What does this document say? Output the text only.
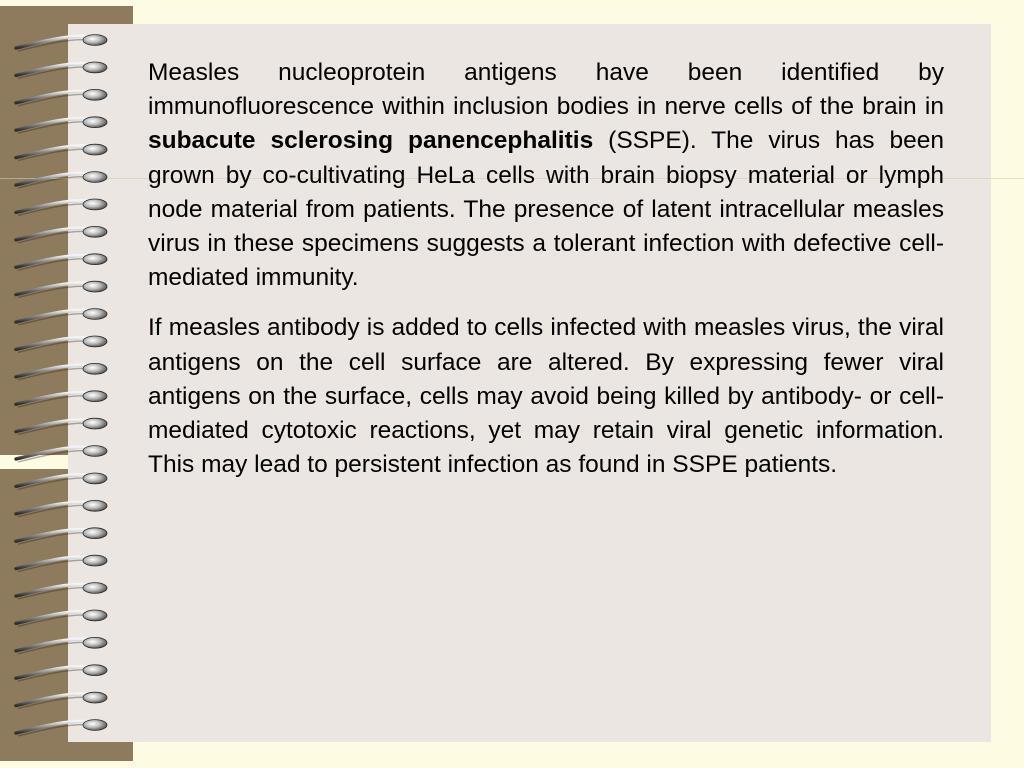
Measles nucleoprotein antigens have been identified by immunofluorescence within inclusion bodies in nerve cells of the brain in subacute sclerosing panencephalitis (SSPE). The virus has been grown by co-cultivating HeLa cells with brain biopsy material or lymph node material from patients. The presence of latent intracellular measles virus in these specimens suggests a tolerant infection with defective cell-mediated immunity.

If measles antibody is added to cells infected with measles virus, the viral antigens on the cell surface are altered. By expressing fewer viral antigens on the surface, cells may avoid being killed by antibody- or cell-mediated cytotoxic reactions, yet may retain viral genetic information. This may lead to persistent infection as found in SSPE patients.
